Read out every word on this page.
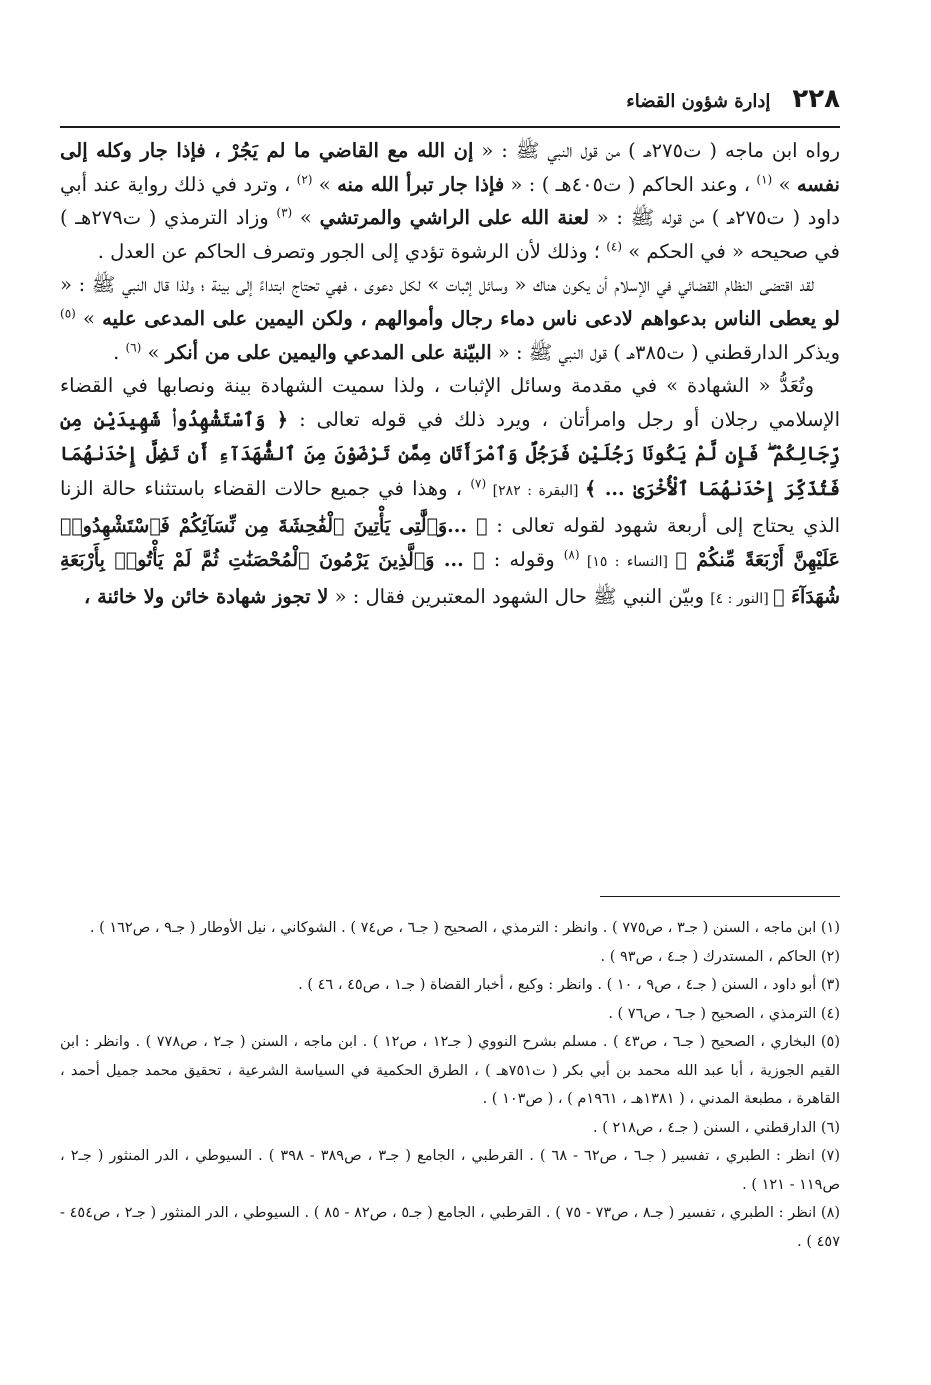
٢٢٨
إدارة شؤون القضاء

رواه ابن ماجه ( ت٢٧٥هـ ) من قول النبي ﷺ : « إن الله مع القاضي ما لم يَجُرْ ، فإذا جار وكله إلى نفسه » $^{(١)}$ ، وعند الحاكم ( ت٤٠٥هـ ) : « فإذا جار تبرأ الله منه » $^{(٢)}$ ، وترد في ذلك رواية عند أبي داود ( ت٢٧٥هـ ) من قوله ﷺ : « لعنة الله على الراشي والمرتشي » $^{(٣)}$ وزاد الترمذي ( ت٢٧٩هـ ) في صحيحه « في الحكم » $^{(٤)}$ ؛ وذلك لأن الرشوة تؤدي إلى الجور وتصرف الحاكم عن العدل .

لقد اقتضى النظام القضائي في الإسلام أن يكون هناك « وسائل إثبات » لكل دعوى ، فهي تحتاج ابتداءً إلى بينة ؛ ولذا قال النبي ﷺ : « لو يعطى الناس بدعواهم لادعى ناس دماء رجال وأموالهم ، ولكن اليمين على المدعى عليه » $^{(٥)}$ ويذكر الدارقطني ( ت٣٨٥هـ ) قول النبي ﷺ : « البيّنة على المدعي واليمين على من أنكر » $^{(٦)}$ .

وتُعَدُّ « الشهادة » في مقدمة وسائل الإثبات ، ولذا سميت الشهادة بينة ونصابها في القضاء الإسلامي رجلان أو رجل وامرأتان ، ويرد ذلك في قوله تعالى : ﴿ وَٱسْتَشْهِدُوا۟ شَهِيدَيْنِ مِن رِّجَالِكُمْ ۖ فَإِن لَّمْ يَكُونَا رَجُلَيْنِ فَرَجُلٌ وَٱمْرَأَتَانِ مِمَّن تَرْضَوْنَ مِنَ ٱلشُّهَدَآءِ أَن تَضِلَّ إِحْدَىٰهُمَا فَتُذَكِّرَ إِحْدَىٰهُمَا ٱلْأُخْرَىٰ ... ﴾ [البقرة : ٢٨٢] $^{(٧)}$ ، وهذا في جميع حالات القضاء باستثناء حالة الزنا الذي يحتاج إلى أربعة شهود لقوله تعالى : ﴿ ...وَٱلَّٰتِى يَأْتِينَ ٱلْفَٰحِشَةَ مِن نِّسَآئِكُمْ فَٱسْتَشْهِدُوا۟ عَلَيْهِنَّ أَرْبَعَةً مِّنكُمْ ﴾ [النساء : ١٥] $^{(٨)}$ وقوله : ﴿ ... وَٱلَّذِينَ يَرْمُونَ ٱلْمُحْصَنَٰتِ ثُمَّ لَمْ يَأْتُوا۟ بِأَرْبَعَةِ شُهَدَآءَ ﴾ [النور : ٤] وبيّن النبي ﷺ حال الشهود المعتبرين فقال : « لا تجوز شهادة خائن ولا خائنة ،

(١) ابن ماجه ، السنن ( جـ٣ ، ص٧٧٥ ) . وانظر : الترمذي ، الصحيح ( جـ٦ ، ص٧٤ ) . الشوكاني ، نيل الأوطار ( جـ٩ ، ص١٦٢ ) .

(٢) الحاكم ، المستدرك ( جـ٤ ، ص٩٣ ) .

(٣) أبو داود ، السنن ( جـ٤ ، ص٩ ، ١٠ ) . وانظر : وكيع ، أخبار القضاة ( جـ١ ، ص٤٥ ، ٤٦ ) .

(٤) الترمذي ، الصحيح ( جـ٦ ، ص٧٦ ) .

(٥) البخاري ، الصحيح ( جـ٦ ، ص٤٣ ) . مسلم بشرح النووي ( جـ١٢ ، ص١٢ ) . ابن ماجه ، السنن ( جـ٢ ، ص٧٧٨ ) . وانظر : ابن القيم الجوزية ، أبا عبد الله محمد بن أبي بكر ( ت٧٥١هـ ) ، الطرق الحكمية في السياسة الشرعية ، تحقيق محمد جميل أحمد ، القاهرة ، مطبعة المدني ، ( ١٣٨١هـ ، ١٩٦١م ) ، ( ص١٠٣ ) .

(٦) الدارقطني ، السنن ( جـ٤ ، ص٢١٨ ) .

(٧) انظر : الطبري ، تفسير ( جـ٦ ، ص٦٢ - ٦٨ ) . القرطبي ، الجامع ( جـ٣ ، ص٣٨٩ - ٣٩٨ ) . السيوطي ، الدر المنثور ( جـ٢ ، ص١١٩ - ١٢١ ) .

(٨) انظر : الطبري ، تفسير ( جـ٨ ، ص٧٣ - ٧٥ ) . القرطبي ، الجامع ( جـ٥ ، ص٨٢ - ٨٥ ) . السيوطي ، الدر المنثور ( جـ٢ ، ص٤٥٤ - ٤٥٧ ) .
